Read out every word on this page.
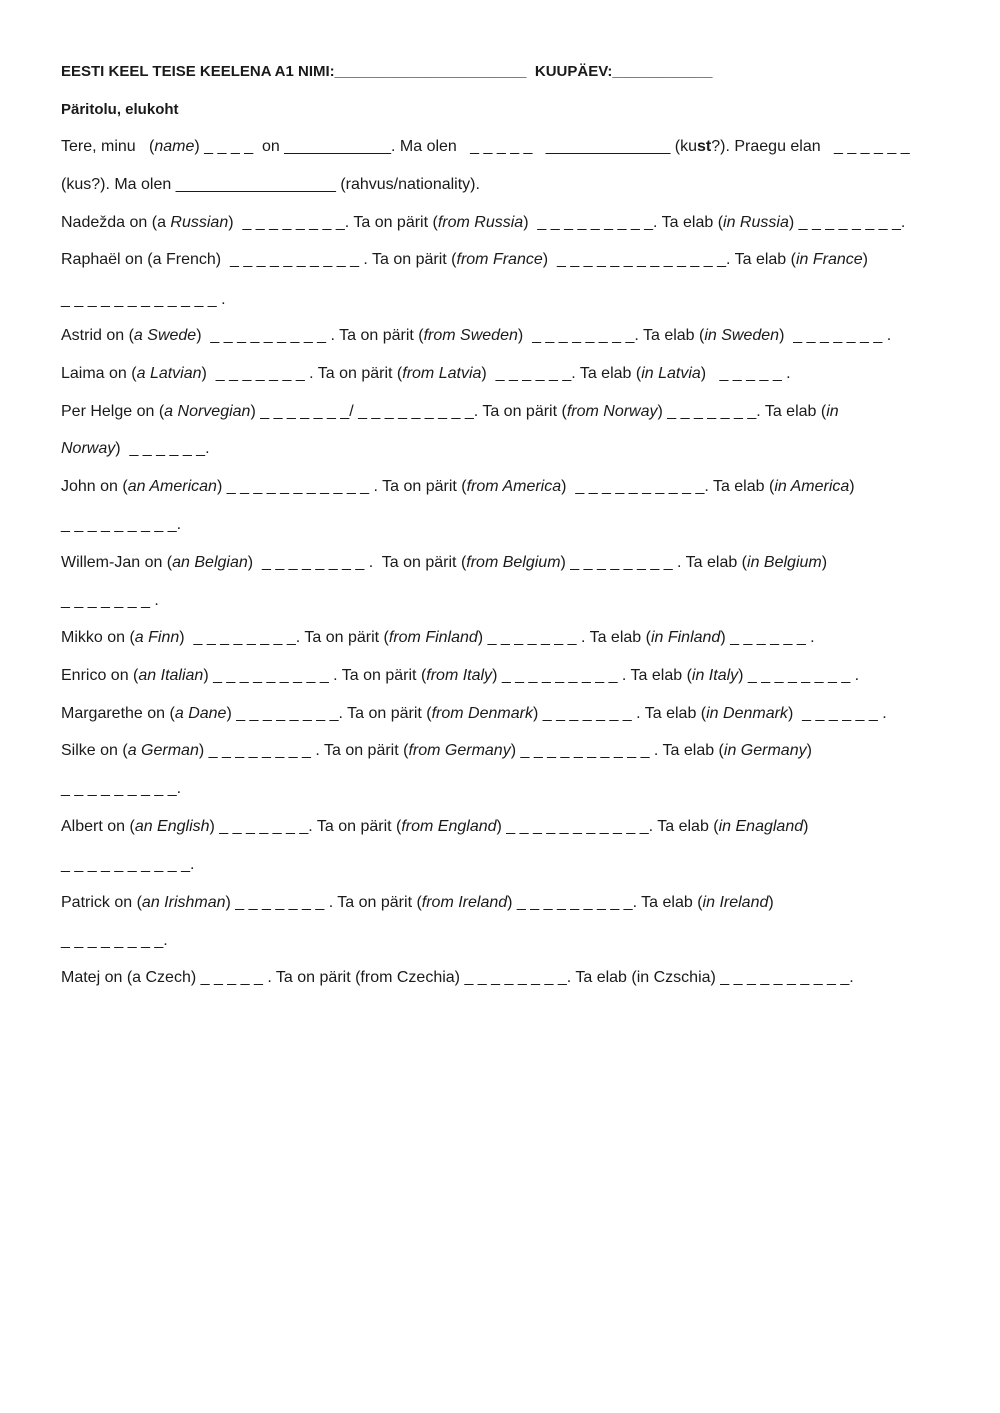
EESTI KEEL TEISE KEELENA A1 NIMI:_______________________  KUUPÄEV:____________
Päritolu, elukoht
Tere, minu   (name) _ _ _ _  on ____________. Ma olen   _ _ _ _ _   ______________ (kust?). Praegu elan   _ _ _ _ _ _
(kus?). Ma olen __________________ (rahvus/nationality).
Nadežda on (a Russian)  _ _ _ _ _ _ _ _. Ta on pärit (from Russia)  _ _ _ _ _ _ _ _ _. Ta elab (in Russia) _ _ _ _ _ _ _ _.
Raphaël on (a French)  _ _ _ _ _ _ _ _ _ _ . Ta on pärit (from France)  _ _ _ _ _ _ _ _ _ _ _ _ _. Ta elab (in France)
_ _ _ _ _ _ _ _ _ _ _ _ .
Astrid on (a Swede)  _ _ _ _ _ _ _ _ _ . Ta on pärit (from Sweden)  _ _ _ _ _ _ _ _. Ta elab (in Sweden)  _ _ _ _ _ _ _ .
Laima on (a Latvian)  _ _ _ _ _ _ _ . Ta on pärit (from Latvia)  _ _ _ _ _ _. Ta elab (in Latvia)   _ _ _ _ _ .
Per Helge on (a Norvegian) _ _ _ _ _ _ _/ _ _ _ _ _ _ _ _ _. Ta on pärit (from Norway) _ _ _ _ _ _ _. Ta elab (in
Norway)  _ _ _ _ _ _.
John on (an American) _ _ _ _ _ _ _ _ _ _ _ . Ta on pärit (from America)  _ _ _ _ _ _ _ _ _ _. Ta elab (in America)
_ _ _ _ _ _ _ _ _.
Willem-Jan on (an Belgian)  _ _ _ _ _ _ _ _ .  Ta on pärit (from Belgium) _ _ _ _ _ _ _ _ . Ta elab (in Belgium)
_ _ _ _ _ _ _ .
Mikko on (a Finn)  _ _ _ _ _ _ _ _. Ta on pärit (from Finland) _ _ _ _ _ _ _ . Ta elab (in Finland) _ _ _ _ _ _ .
Enrico on (an Italian) _ _ _ _ _ _ _ _ _ . Ta on pärit (from Italy) _ _ _ _ _ _ _ _ _ . Ta elab (in Italy) _ _ _ _ _ _ _ _ .
Margarethe on (a Dane) _ _ _ _ _ _ _ _. Ta on pärit (from Denmark) _ _ _ _ _ _ _ . Ta elab (in Denmark)  _ _ _ _ _ _ .
Silke on (a German) _ _ _ _ _ _ _ _ . Ta on pärit (from Germany) _ _ _ _ _ _ _ _ _ _ . Ta elab (in Germany)
_ _ _ _ _ _ _ _ _.
Albert on (an English) _ _ _ _ _ _ _. Ta on pärit (from England) _ _ _ _ _ _ _ _ _ _ _. Ta elab (in Enagland)
_ _ _ _ _ _ _ _ _ _.
Patrick on (an Irishman) _ _ _ _ _ _ _ . Ta on pärit (from Ireland) _ _ _ _ _ _ _ _ _. Ta elab (in Ireland)
_ _ _ _ _ _ _ _.
Matej on (a Czech) _ _ _ _ _ . Ta on pärit (from Czechia) _ _ _ _ _ _ _ _. Ta elab (in Czschia) _ _ _ _ _ _ _ _ _ _.
